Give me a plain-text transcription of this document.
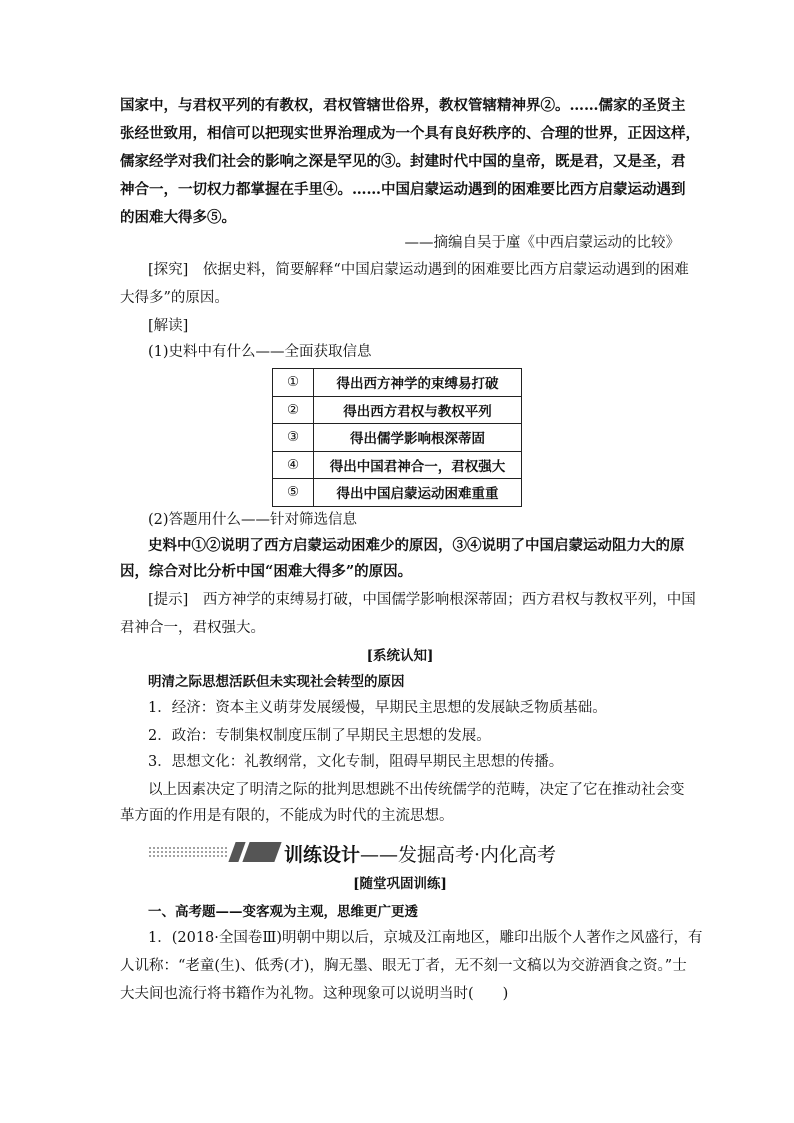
国家中，与君权平列的有教权，君权管辖世俗界，教权管辖精神界②。……儒家的圣贤主
张经世致用，相信可以把现实世界治理成为一个具有良好秩序的、合理的世界，正因这样，
儒家经学对我们社会的影响之深是罕见的③。封建时代中国的皇帝，既是君，又是圣，君
神合一，一切权力都掌握在手里④。……中国启蒙运动遇到的困难要比西方启蒙运动遇到
的困难大得多⑤。
——摘编自吴于廑《中西启蒙运动的比较》
[探究]　依据史料，简要解释“中国启蒙运动遇到的困难要比西方启蒙运动遇到的困难
大得多”的原因。
[解读]
(1)史料中有什么——全面获取信息
①	得出西方神学的束缚易打破
②	得出西方君权与教权平列
③	得出儒学影响根深蒂固
④	得出中国君神合一，君权强大
⑤	得出中国启蒙运动困难重重
(2)答题用什么——针对筛选信息
史料中①②说明了西方启蒙运动困难少的原因，③④说明了中国启蒙运动阻力大的原
因，综合对比分析中国“困难大得多”的原因。
[提示]　西方神学的束缚易打破，中国儒学影响根深蒂固；西方君权与教权平列，中国
君神合一，君权强大。
[系统认知]
明清之际思想活跃但未实现社会转型的原因
1．经济：资本主义萌芽发展缓慢，早期民主思想的发展缺乏物质基础。
2．政治：专制集权制度压制了早期民主思想的发展。
3．思想文化：礼教纲常，文化专制，阻碍早期民主思想的传播。
以上因素决定了明清之际的批判思想跳不出传统儒学的范畴，决定了它在推动社会变
革方面的作用是有限的，不能成为时代的主流思想。
训练设计——发掘高考·内化高考
[随堂巩固训练]
一、高考题——变客观为主观，思维更广更透
1．(2018·全国卷Ⅲ)明朝中期以后，京城及江南地区，雕印出版个人著作之风盛行，有
人讥称：“老童(生)、低秀(才)，胸无墨、眼无丁者，无不刻一文稿以为交游酒食之资。”士
大夫间也流行将书籍作为礼物。这种现象可以说明当时(　　)
